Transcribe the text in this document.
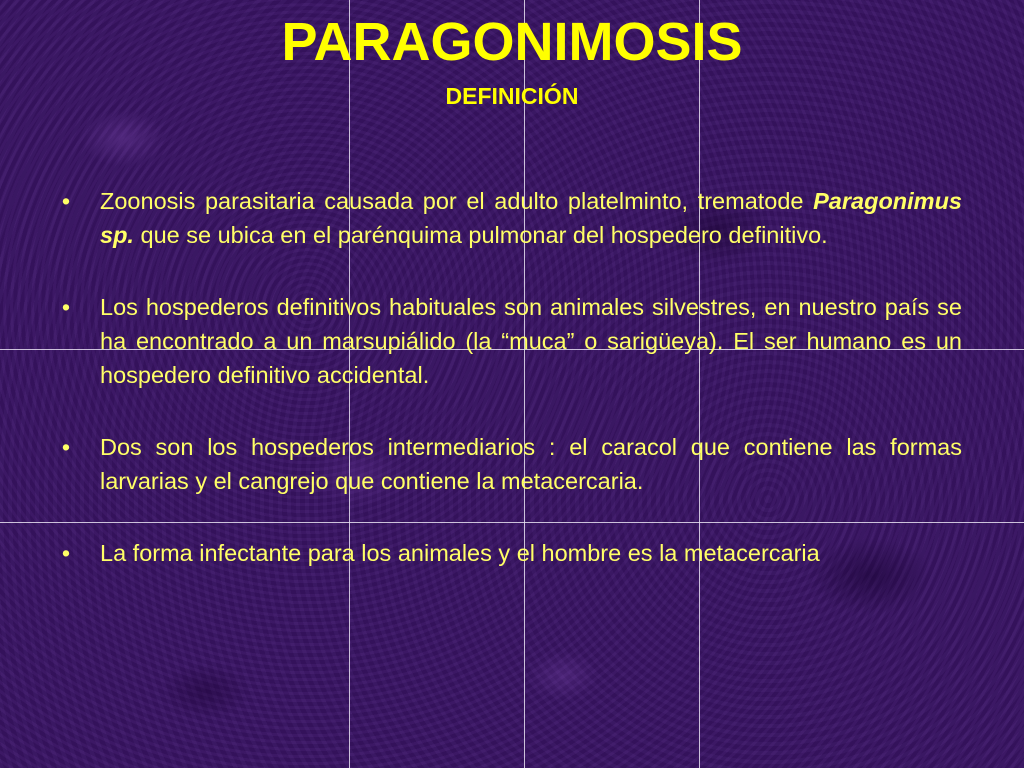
PARAGONIMOSIS
DEFINICIÓN
• Zoonosis parasitaria causada por el adulto platelminto, trematode Paragonimus sp. que se ubica en el parénquima pulmonar del hospedero definitivo.
• Los hospederos definitivos habituales son animales silvestres, en nuestro país se ha encontrado a un marsupiálido (la “muca” o sarigüeya). El ser humano es un hospedero definitivo accidental.
• Dos son los hospederos intermediarios : el caracol que contiene las formas larvarias y el cangrejo que contiene la metacercaria.
• La forma infectante para los animales y el hombre es la metacercaria
